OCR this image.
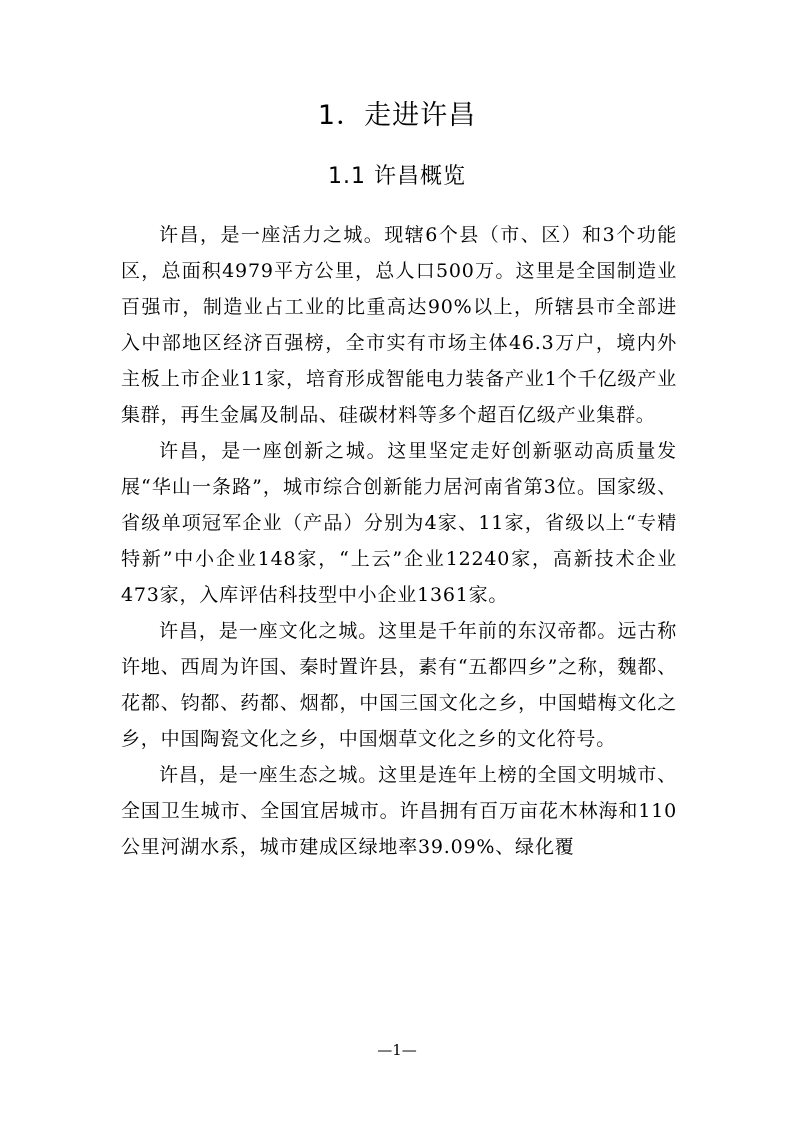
1．走进许昌
1.1 许昌概览

许昌，是一座活力之城。现辖6个县（市、区）和3个功能区，总面积4979平方公里，总人口500万。这里是全国制造业百强市，制造业占工业的比重高达90%以上，所辖县市全部进入中部地区经济百强榜，全市实有市场主体46.3万户，境内外主板上市企业11家，培育形成智能电力装备产业1个千亿级产业集群，再生金属及制品、硅碳材料等多个超百亿级产业集群。

许昌，是一座创新之城。这里坚定走好创新驱动高质量发展“华山一条路”，城市综合创新能力居河南省第3位。国家级、省级单项冠军企业（产品）分别为4家、11家，省级以上“专精特新”中小企业148家，“上云”企业12240家，高新技术企业473家，入库评估科技型中小企业1361家。

许昌，是一座文化之城。这里是千年前的东汉帝都。远古称许地、西周为许国、秦时置许县，素有“五都四乡”之称，魏都、花都、钧都、药都、烟都，中国三国文化之乡，中国蜡梅文化之乡，中国陶瓷文化之乡，中国烟草文化之乡的文化符号。

许昌，是一座生态之城。这里是连年上榜的全国文明城市、全国卫生城市、全国宜居城市。许昌拥有百万亩花木林海和110公里河湖水系，城市建成区绿地率39.09%、绿化覆

—1—
